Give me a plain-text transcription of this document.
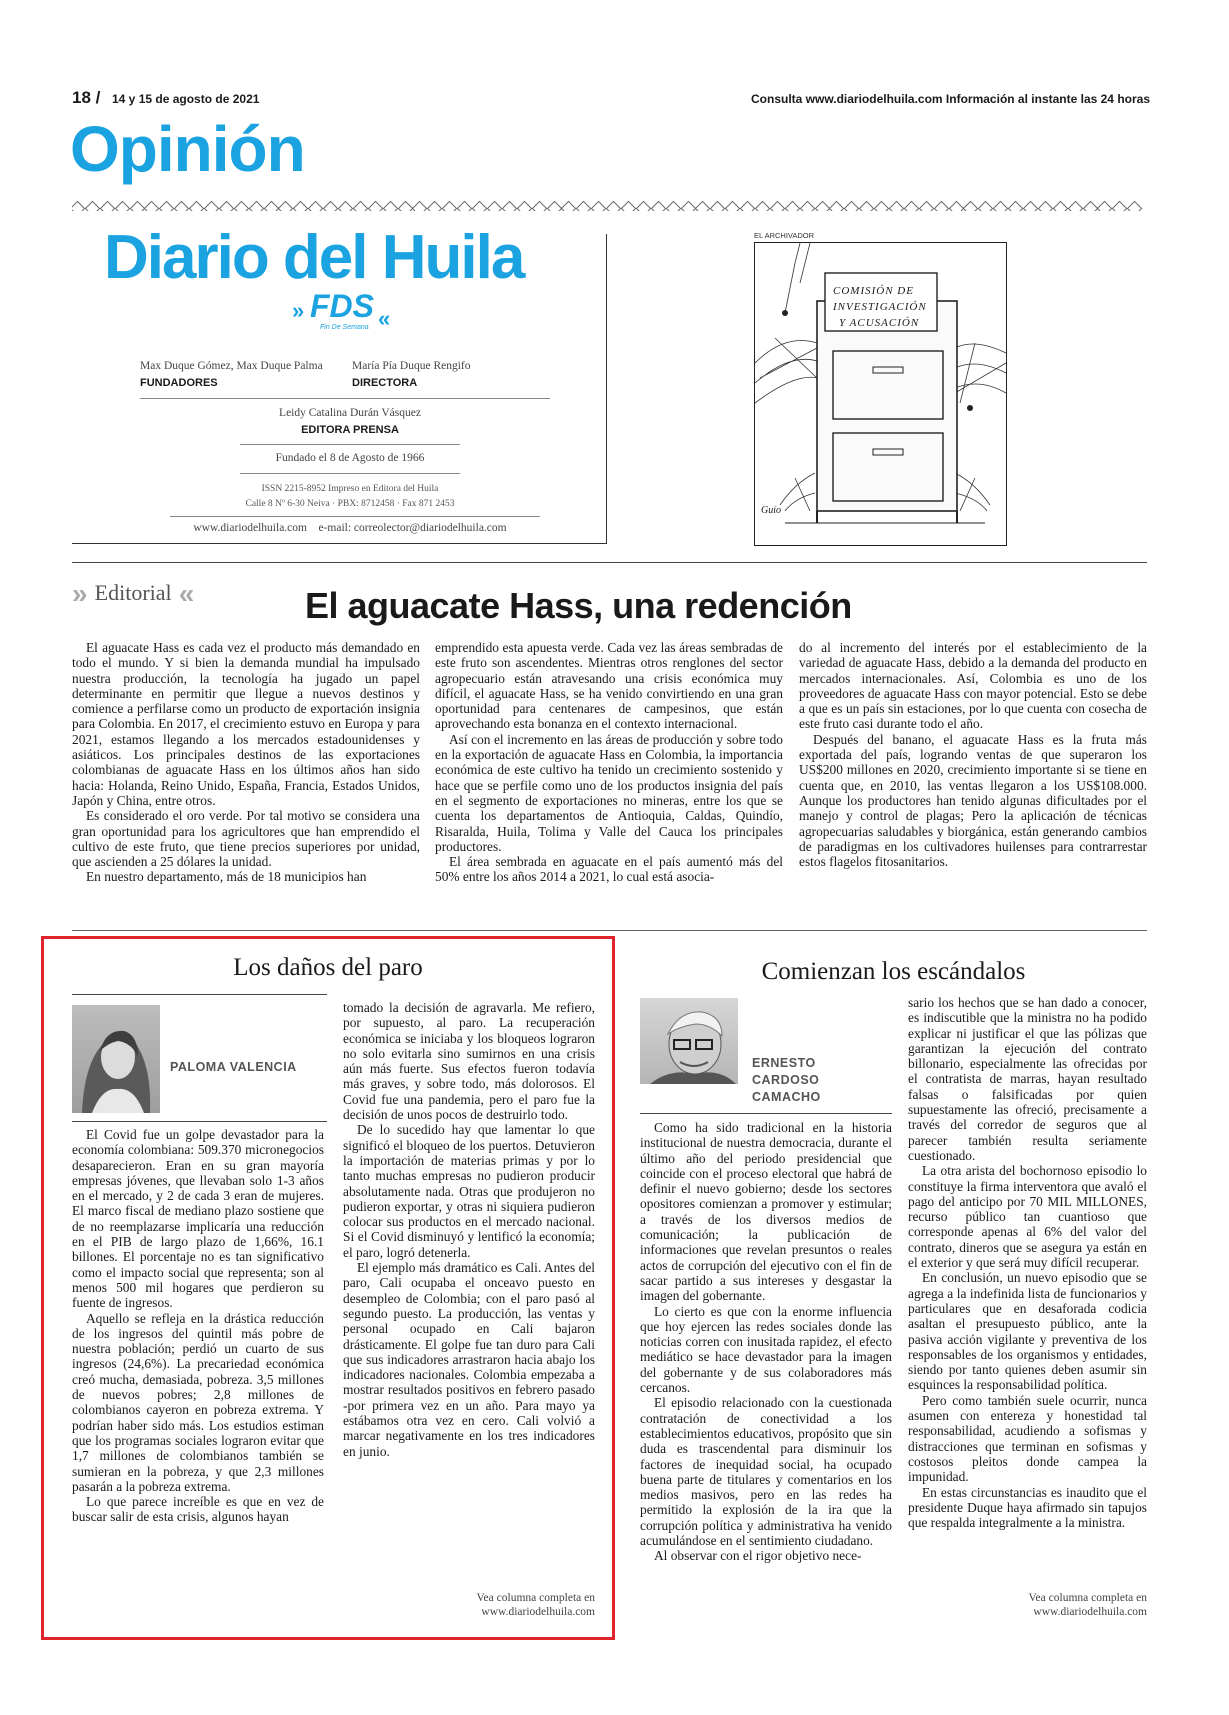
18 / 14 y 15 de agosto de 2021	Consulta www.diariodelhuila.com Información al instante las 24 horas
Opinión
Diario del Huila
» FDS «
Fin De Semana
Max Duque Gómez, Max Duque Palma
FUNDADORES
María Pía Duque Rengifo
DIRECTORA
Leidy Catalina Durán Vásquez
EDITORA PRENSA
Fundado el 8 de Agosto de 1966
ISSN 2215-8952 Impreso en Editora del Huila
Calle 8 Nº 6-30 Neiva · PBX: 8712458 · Fax 871 2453
www.diariodelhuila.com e-mail: correolector@diariodelhuila.com
EL ARCHIVADOR
COMISIÓN DE
INVESTIGACIÓN
Y ACUSACIÓN
Guío
» Editorial «	El aguacate Hass, una redención

El aguacate Hass es cada vez el producto más demandado en todo el mundo. Y si bien la demanda mundial ha impulsado nuestra producción, la tecnología ha jugado un papel determinante en permitir que llegue a nuevos destinos y comience a perfilarse como un producto de exportación insignia para Colombia. En 2017, el crecimiento estuvo en Europa y para 2021, estamos llegando a los mercados estadounidenses y asiáticos. Los principales destinos de las exportaciones colombianas de aguacate Hass en los últimos años han sido hacia: Holanda, Reino Unido, España, Francia, Estados Unidos, Japón y China, entre otros.

Es considerado el oro verde. Por tal motivo se considera una gran oportunidad para los agricultores que han emprendido el cultivo de este fruto, que tiene precios superiores por unidad, que ascienden a 25 dólares la unidad.

En nuestro departamento, más de 18 municipios han

emprendido esta apuesta verde. Cada vez las áreas sembradas de este fruto son ascendentes. Mientras otros renglones del sector agropecuario están atravesando una crisis económica muy difícil, el aguacate Hass, se ha venido convirtiendo en una gran oportunidad para centenares de campesinos, que están aprovechando esta bonanza en el contexto internacional.

Así con el incremento en las áreas de producción y sobre todo en la exportación de aguacate Hass en Colombia, la importancia económica de este cultivo ha tenido un crecimiento sostenido y hace que se perfile como uno de los productos insignia del país en el segmento de exportaciones no mineras, entre los que se cuenta los departamentos de Antioquia, Caldas, Quindío, Risaralda, Huila, Tolima y Valle del Cauca los principales productores.

El área sembrada en aguacate en el país aumentó más del 50% entre los años 2014 a 2021, lo cual está asocia-

do al incremento del interés por el establecimiento de la variedad de aguacate Hass, debido a la demanda del producto en mercados internacionales. Así, Colombia es uno de los proveedores de aguacate Hass con mayor potencial. Esto se debe a que es un país sin estaciones, por lo que cuenta con cosecha de este fruto casi durante todo el año.

Después del banano, el aguacate Hass es la fruta más exportada del país, logrando ventas de que superaron los US$200 millones en 2020, crecimiento importante si se tiene en cuenta que, en 2010, las ventas llegaron a los US$108.000. Aunque los productores han tenido algunas dificultades por el manejo y control de plagas; Pero la aplicación de técnicas agropecuarias saludables y biorgánica, están generando cambios de paradigmas en los cultivadores huilenses para contrarrestar estos flagelos fitosanitarios.

Los daños del paro
PALOMA VALENCIA

El Covid fue un golpe devastador para la economía colombiana: 509.370 micronegocios desaparecieron. Eran en su gran mayoría empresas jóvenes, que llevaban solo 1-3 años en el mercado, y 2 de cada 3 eran de mujeres. El marco fiscal de mediano plazo sostiene que de no reemplazarse implicaría una reducción en el PIB de largo plazo de 1,66%, 16.1 billones. El porcentaje no es tan significativo como el impacto social que representa; son al menos 500 mil hogares que perdieron su fuente de ingresos.

Aquello se refleja en la drástica reducción de los ingresos del quintil más pobre de nuestra población; perdió un cuarto de sus ingresos (24,6%). La precariedad económica creó mucha, demasiada, pobreza. 3,5 millones de nuevos pobres; 2,8 millones de colombianos cayeron en pobreza extrema. Y podrían haber sido más. Los estudios estiman que los programas sociales lograron evitar que 1,7 millones de colombianos también se sumieran en la pobreza, y que 2,3 millones pasarán a la pobreza extrema.

Lo que parece increíble es que en vez de buscar salir de esta crisis, algunos hayan

tomado la decisión de agravarla. Me refiero, por supuesto, al paro. La recuperación económica se iniciaba y los bloqueos lograron no solo evitarla sino sumirnos en una crisis aún más fuerte. Sus efectos fueron todavía más graves, y sobre todo, más dolorosos. El Covid fue una pandemia, pero el paro fue la decisión de unos pocos de destruirlo todo.

De lo sucedido hay que lamentar lo que significó el bloqueo de los puertos. Detuvieron la importación de materias primas y por lo tanto muchas empresas no pudieron producir absolutamente nada. Otras que produjeron no pudieron exportar, y otras ni siquiera pudieron colocar sus productos en el mercado nacional. Si el Covid disminuyó y lentificó la economía; el paro, logró detenerla.

El ejemplo más dramático es Cali. Antes del paro, Cali ocupaba el onceavo puesto en desempleo de Colombia; con el paro pasó al segundo puesto. La producción, las ventas y personal ocupado en Cali bajaron drásticamente. El golpe fue tan duro para Cali que sus indicadores arrastraron hacia abajo los indicadores nacionales. Colombia empezaba a mostrar resultados positivos en febrero pasado -por primera vez en un año. Para mayo ya estábamos otra vez en cero. Cali volvió a marcar negativamente en los tres indicadores en junio.

Vea columna completa en
www.diariodelhuila.com
Comienzan los escándalos
ERNESTO
CARDOSO
CAMACHO

Como ha sido tradicional en la historia institucional de nuestra democracia, durante el último año del periodo presidencial que coincide con el proceso electoral que habrá de definir el nuevo gobierno; desde los sectores opositores comienzan a promover y estimular; a través de los diversos medios de comunicación; la publicación de informaciones que revelan presuntos o reales actos de corrupción del ejecutivo con el fin de sacar partido a sus intereses y desgastar la imagen del gobernante.

Lo cierto es que con la enorme influencia que hoy ejercen las redes sociales donde las noticias corren con inusitada rapidez, el efecto mediático se hace devastador para la imagen del gobernante y de sus colaboradores más cercanos.

El episodio relacionado con la cuestionada contratación de conectividad a los establecimientos educativos, propósito que sin duda es trascendental para disminuir los factores de inequidad social, ha ocupado buena parte de titulares y comentarios en los medios masivos, pero en las redes ha permitido la explosión de la ira que la corrupción política y administrativa ha venido acumulándose en el sentimiento ciudadano.

Al observar con el rigor objetivo nece-

sario los hechos que se han dado a conocer, es indiscutible que la ministra no ha podido explicar ni justificar el que las pólizas que garantizan la ejecución del contrato billonario, especialmente las ofrecidas por el contratista de marras, hayan resultado falsas o falsificadas por quien supuestamente las ofreció, precisamente a través del corredor de seguros que al parecer también resulta seriamente cuestionado.

La otra arista del bochornoso episodio lo constituye la firma interventora que avaló el pago del anticipo por 70 MIL MILLONES, recurso público tan cuantioso que corresponde apenas al 6% del valor del contrato, dineros que se asegura ya están en el exterior y que será muy difícil recuperar.

En conclusión, un nuevo episodio que se agrega a la indefinida lista de funcionarios y particulares que en desaforada codicia asaltan el presupuesto público, ante la pasiva acción vigilante y preventiva de los responsables de los organismos y entidades, siendo por tanto quienes deben asumir sin esquinces la responsabilidad política.

Pero como también suele ocurrir, nunca asumen con entereza y honestidad tal responsabilidad, acudiendo a sofismas y distracciones que terminan en sofismas y costosos pleitos donde campea la impunidad.

En estas circunstancias es inaudito que el presidente Duque haya afirmado sin tapujos que respalda integralmente a la ministra.

Vea columna completa en
www.diariodelhuila.com
